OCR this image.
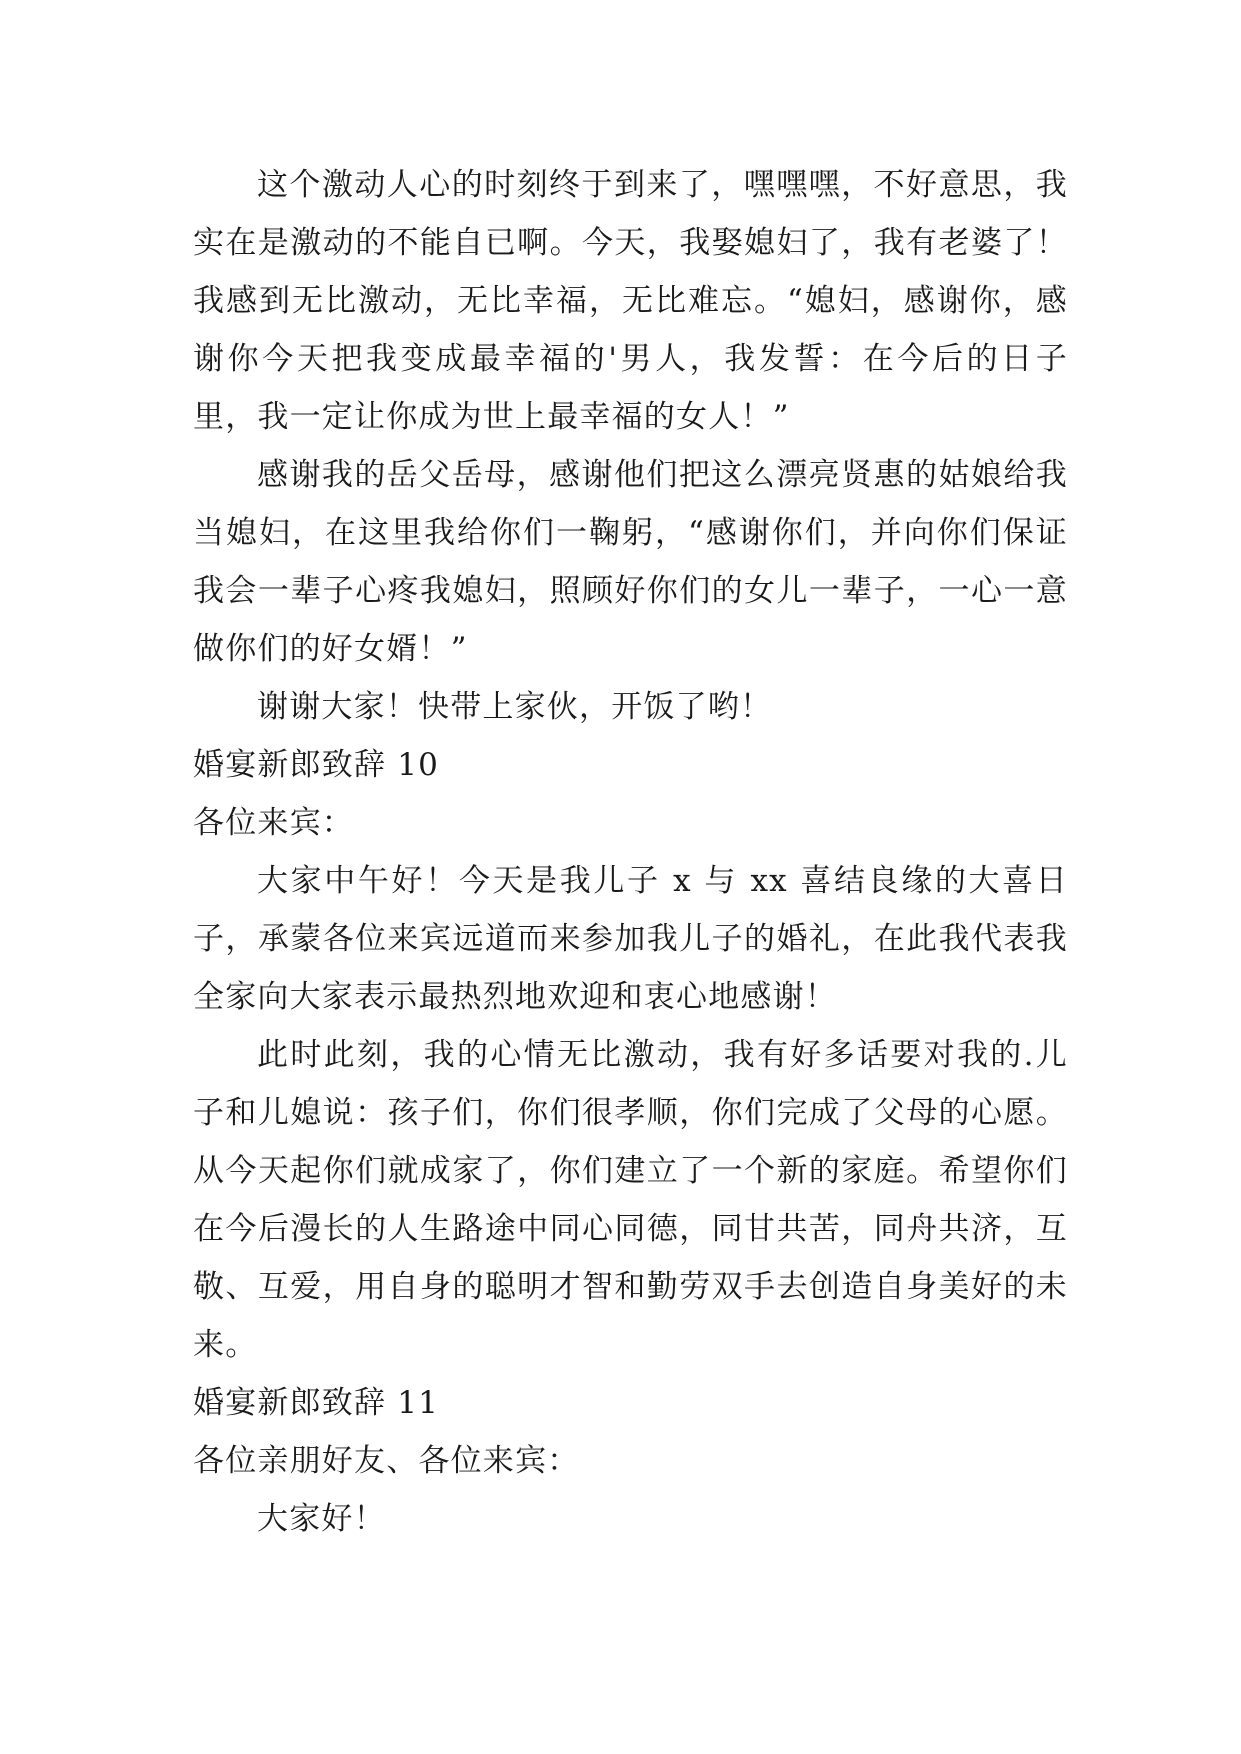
这个激动人心的时刻终于到来了，嘿嘿嘿，不好意思，我实在是激动的不能自已啊。今天，我娶媳妇了，我有老婆了！我感到无比激动，无比幸福，无比难忘。“媳妇，感谢你，感谢你今天把我变成最幸福的'男人，我发誓：在今后的日子里，我一定让你成为世上最幸福的女人！”

感谢我的岳父岳母，感谢他们把这么漂亮贤惠的姑娘给我当媳妇，在这里我给你们一鞠躬，“感谢你们，并向你们保证我会一辈子心疼我媳妇，照顾好你们的女儿一辈子，一心一意做你们的好女婿！”

谢谢大家！快带上家伙，开饭了哟！

婚宴新郎致辞 10

各位来宾：

大家中午好！今天是我儿子 x 与 xx 喜结良缘的大喜日子，承蒙各位来宾远道而来参加我儿子的婚礼，在此我代表我全家向大家表示最热烈地欢迎和衷心地感谢！

此时此刻，我的心情无比激动，我有好多话要对我的.儿子和儿媳说：孩子们，你们很孝顺，你们完成了父母的心愿。从今天起你们就成家了，你们建立了一个新的家庭。希望你们在今后漫长的人生路途中同心同德，同甘共苦，同舟共济，互敬、互爱，用自身的聪明才智和勤劳双手去创造自身美好的未来。

婚宴新郎致辞 11

各位亲朋好友、各位来宾：

大家好！
